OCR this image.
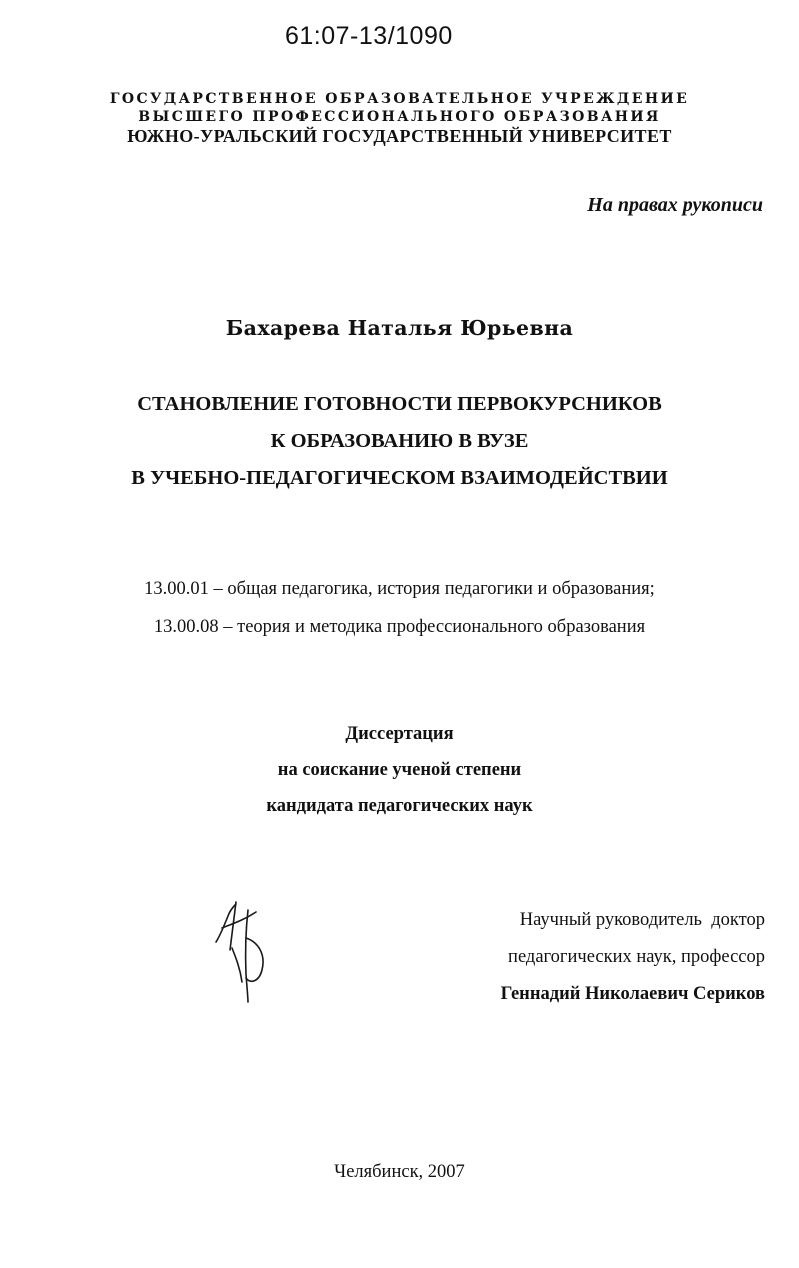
61:07-13/1090
ГОСУДАРСТВЕННОЕ ОБРАЗОВАТЕЛЬНОЕ УЧРЕЖДЕНИЕ
ВЫСШЕГО ПРОФЕССИОНАЛЬНОГО ОБРАЗОВАНИЯ
ЮЖНО-УРАЛЬСКИЙ ГОСУДАРСТВЕННЫЙ УНИВЕРСИТЕТ
На правах рукописи
Бахарева Наталья Юрьевна
СТАНОВЛЕНИЕ ГОТОВНОСТИ ПЕРВОКУРСНИКОВ
К ОБРАЗОВАНИЮ В ВУЗЕ
В УЧЕБНО-ПЕДАГОГИЧЕСКОМ ВЗАИМОДЕЙСТВИИ
13.00.01 – общая педагогика, история педагогики и образования;
13.00.08 – теория и методика профессионального образования
Диссертация
на соискание ученой степени
кандидата педагогических наук
Научный руководитель  доктор
педагогических наук, профессор
Геннадий Николаевич Сериков
Челябинск, 2007
